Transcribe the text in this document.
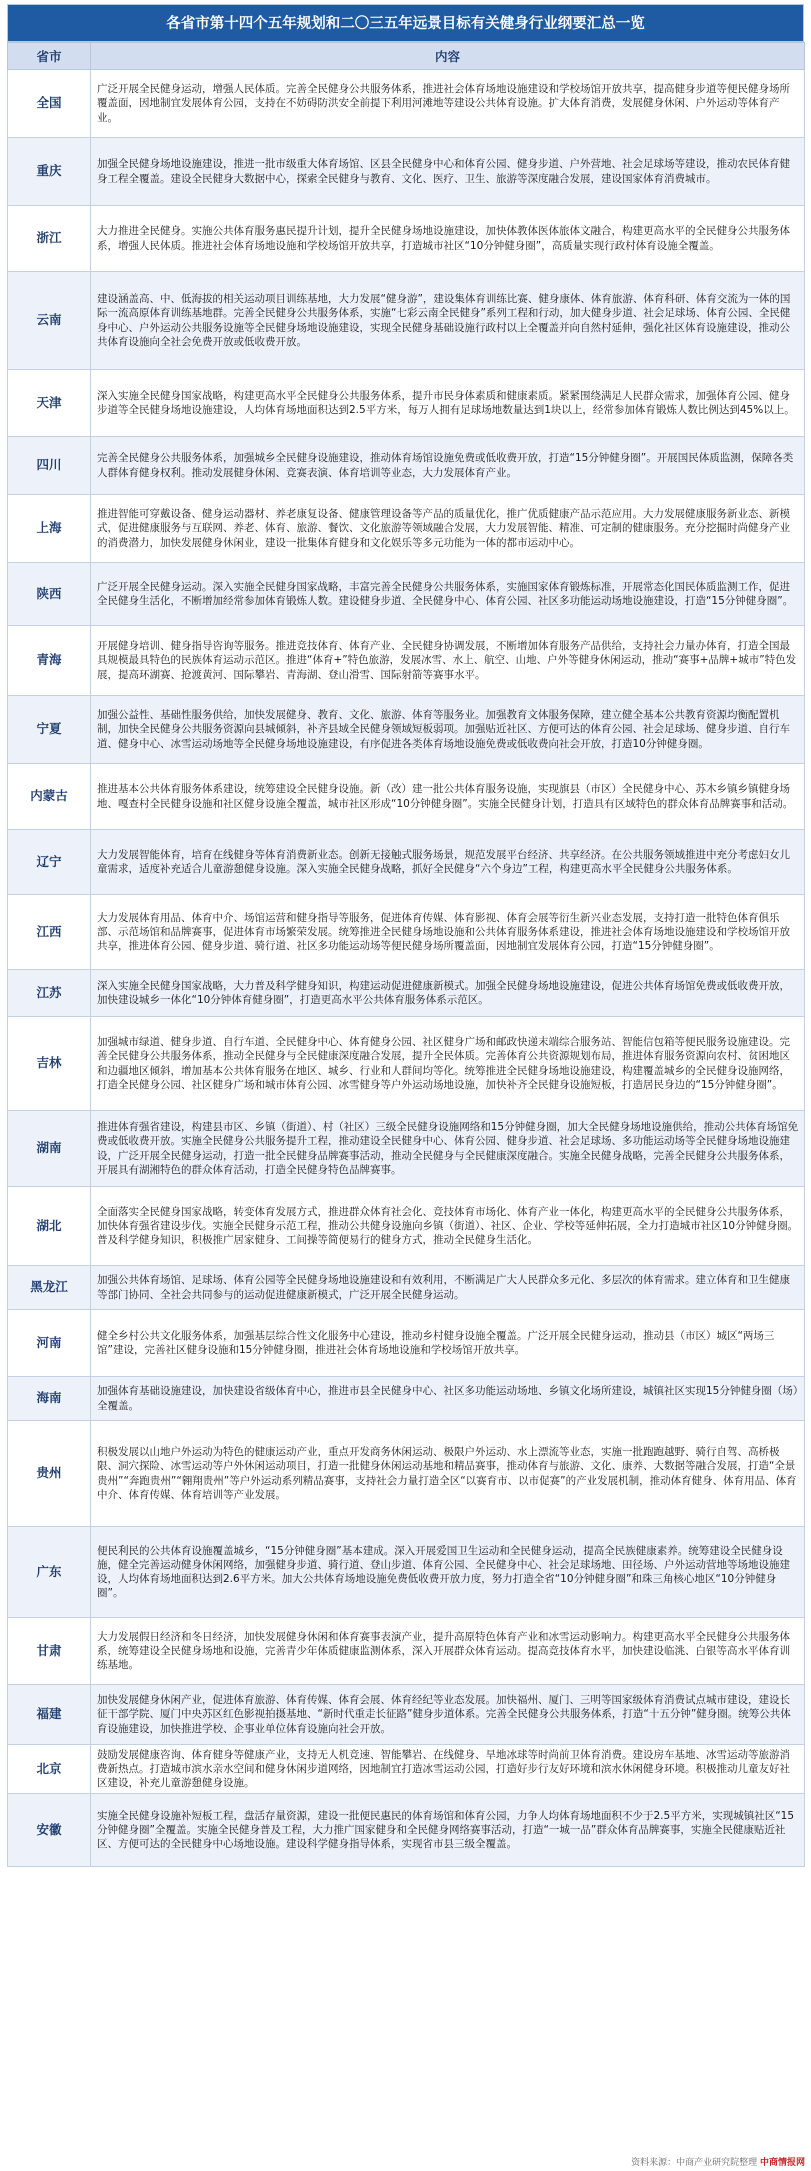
各省市第十四个五年规划和二〇三五年远景目标有关健身行业纲要汇总一览
省市	内容
全国	广泛开展全民健身运动，增强人民体质。完善全民健身公共服务体系，推进社会体育场地设施建设和学校场馆开放共享，提高健身步道等便民健身场所覆盖面，因地制宜发展体育公园，支持在不妨碍防洪安全前提下利用河滩地等建设公共体育设施。扩大体育消费，发展健身休闲、户外运动等体育产业。

重庆	加强全民健身场地设施建设，推进一批市级重大体育场馆、区县全民健身中心和体育公园、健身步道、户外营地、社会足球场等建设，推动农民体育健身工程全覆盖。建设全民健身大数据中心，探索全民健身与教育、文化、医疗、卫生、旅游等深度融合发展，建设国家体育消费城市。

浙江	大力推进全民健身。实施公共体育服务惠民提升计划，提升全民健身场地设施建设，加快体教体医体旅体文融合，构建更高水平的全民健身公共服务体系，增强人民体质。推进社会体育场地设施和学校场馆开放共享，打造城市社区“10分钟健身圈”，高质量实现行政村体育设施全覆盖。

云南	建设涵盖高、中、低海拔的相关运动项目训练基地，大力发展“健身游”，建设集体育训练比赛、健身康体、体育旅游、体育科研、体育交流为一体的国际一流高原体育训练基地群。完善全民健身公共服务体系，实施“七彩云南全民健身”系列工程和行动，加大健身步道、社会足球场、体育公园、全民健身中心、户外运动公共服务设施等全民健身场地设施建设，实现全民健身基础设施行政村以上全覆盖并向自然村延伸，强化社区体育设施建设，推动公共体育设施向全社会免费开放或低收费开放。

天津	深入实施全民健身国家战略，构建更高水平全民健身公共服务体系，提升市民身体素质和健康素质。紧紧围绕满足人民群众需求，加强体育公园、健身步道等全民健身场地设施建设，人均体育场地面积达到2.5平方米，每万人拥有足球场地数量达到1块以上，经常参加体育锻炼人数比例达到45%以上。

四川	完善全民健身公共服务体系，加强城乡全民健身设施建设，推动体育场馆设施免费或低收费开放，打造“15分钟健身圈”。开展国民体质监测，保障各类人群体育健身权利。推动发展健身休闲、竞赛表演、体育培训等业态，大力发展体育产业。

上海	推进智能可穿戴设备、健身运动器材、养老康复设备、健康管理设备等产品的质量优化，推广优质健康产品示范应用。大力发展健康服务新业态、新模式，促进健康服务与互联网、养老、体育、旅游、餐饮、文化旅游等领域融合发展，大力发展智能、精准、可定制的健康服务。充分挖掘时尚健身产业的消费潜力，加快发展健身休闲业，建设一批集体育健身和文化娱乐等多元功能为一体的都市运动中心。

陕西	广泛开展全民健身运动。深入实施全民健身国家战略，丰富完善全民健身公共服务体系，实施国家体育锻炼标准，开展常态化国民体质监测工作，促进全民健身生活化，不断增加经常参加体育锻炼人数。建设健身步道、全民健身中心、体育公园、社区多功能运动场地设施建设，打造“15分钟健身圈”。

青海	开展健身培训、健身指导咨询等服务。推进竞技体育、体育产业、全民健身协调发展，不断增加体育服务产品供给，支持社会力量办体育，打造全国最具规模最具特色的民族体育运动示范区。推进“体育+”特色旅游，发展冰雪、水上、航空、山地、户外等健身休闲运动，推动“赛事+品牌+城市”特色发展，提高环湖赛、抢渡黄河、国际攀岩、青海湖、登山滑雪、国际射箭等赛事水平。

宁夏	加强公益性、基础性服务供给，加快发展健身、教育、文化、旅游、体育等服务业。加强教育文体服务保障，建立健全基本公共教育资源均衡配置机制，加快全民健身公共服务资源向县城倾斜，补齐县域全民健身领域短板弱项。加强贴近社区、方便可达的体育公园、社会足球场、健身步道、自行车道、健身中心、冰雪运动场地等全民健身场地设施建设，有序促进各类体育场地设施免费或低收费向社会开放，打造10分钟健身圈。

内蒙古	推进基本公共体育服务体系建设，统筹建设全民健身设施。新（改）建一批公共体育服务设施，实现旗县（市区）全民健身中心、苏木乡镇乡镇健身场地、嘎查村全民健身设施和社区健身设施全覆盖，城市社区形成“10分钟健身圈”。实施全民健身计划，打造具有区域特色的群众体育品牌赛事和活动。

辽宁	大力发展智能体育，培育在线健身等体育消费新业态。创新无接触式服务场景，规范发展平台经济、共享经济。在公共服务领域推进中充分考虑妇女儿童需求，适度补充适合儿童游憩健身设施。深入实施全民健身战略，抓好全民健身“六个身边”工程，构建更高水平全民健身公共服务体系。

江西	大力发展体育用品、体育中介、场馆运营和健身指导等服务，促进体育传媒、体育影视、体育会展等衍生新兴业态发展，支持打造一批特色体育俱乐部、示范场馆和品牌赛事，促进体育市场繁荣发展。统筹推进全民健身场地设施和公共体育服务体系建设，推进社会体育场地设施建设和学校场馆开放共享，推进体育公园、健身步道、骑行道、社区多功能运动场等便民健身场所覆盖面，因地制宜发展体育公园，打造“15分钟健身圈”。

江苏	深入实施全民健身国家战略，大力普及科学健身知识，构建运动促进健康新模式。加强全民健身场地设施建设，促进公共体育场馆免费或低收费开放，加快建设城乡一体化“10分钟体育健身圈”，打造更高水平公共体育服务体系示范区。

吉林	加强城市绿道、健身步道、自行车道、全民健身中心、体育健身公园、社区健身广场和邮政快递末端综合服务站、智能信包箱等便民服务设施建设。完善全民健身公共服务体系，推动全民健身与全民健康深度融合发展，提升全民体质。完善体育公共资源规划布局，推进体育服务资源向农村、贫困地区和边疆地区倾斜，增加基本公共体育服务在地区、城乡、行业和人群间均等化。统筹推进全民健身场地设施建设，构建覆盖城乡的全民健身设施网络，打造全民健身公园、社区健身广场和城市体育公园、冰雪健身等户外运动场地设施，加快补齐全民健身设施短板，打造居民身边的“15分钟健身圈”。

湖南	推进体育强省建设，构建县市区、乡镇（街道）、村（社区）三级全民健身设施网络和15分钟健身圈，加大全民健身场地设施供给，推动公共体育场馆免费或低收费开放。实施全民健身公共服务提升工程，推动建设全民健身中心、体育公园、健身步道、社会足球场、多功能运动场等全民健身场地设施建设，广泛开展全民健身运动，打造一批全民健身品牌赛事活动，推动全民健身与全民健康深度融合。实施全民健身战略，完善全民健身公共服务体系，开展具有湖湘特色的群众体育活动，打造全民健身特色品牌赛事。

湖北	全面落实全民健身国家战略，转变体育发展方式，推进群众体育社会化、竞技体育市场化、体育产业一体化，构建更高水平的全民健身公共服务体系，加快体育强省建设步伐。实施全民健身示范工程，推动公共健身设施向乡镇（街道）、社区、企业、学校等延伸拓展，全力打造城市社区10分钟健身圈。普及科学健身知识，积极推广居家健身、工间操等简便易行的健身方式，推动全民健身生活化。

黑龙江	加强公共体育场馆、足球场、体育公园等全民健身场地设施建设和有效利用，不断满足广大人民群众多元化、多层次的体育需求。建立体育和卫生健康等部门协同、全社会共同参与的运动促进健康新模式，广泛开展全民健身运动。

河南	健全乡村公共文化服务体系，加强基层综合性文化服务中心建设，推动乡村健身设施全覆盖。广泛开展全民健身运动，推动县（市区）城区“两场三馆”建设，完善社区健身设施和15分钟健身圈，推进社会体育场地设施和学校场馆开放共享。

海南	加强体育基础设施建设，加快建设省级体育中心，推进市县全民健身中心、社区多功能运动场地、乡镇文化场所建设，城镇社区实现15分钟健身圈（场）全覆盖。

贵州	积极发展以山地户外运动为特色的健康运动产业，重点开发商务休闲运动、极限户外运动、水上漂流等业态，实施一批跑跑越野、骑行自驾、高桥极限、洞穴探险、冰雪运动等户外休闲运动项目，打造一批健身休闲运动基地和精品赛事，推动体育与旅游、文化、康养、大数据等融合发展，打造“全景贵州”“奔跑贵州”“翱翔贵州”等户外运动系列精品赛事，支持社会力量打造全区“以赛育市、以市促赛”的产业发展机制，推动体育健身、体育用品、体育中介、体育传媒、体育培训等产业发展。

广东	便民利民的公共体育设施覆盖城乡，“15分钟健身圈”基本建成。深入开展爱国卫生运动和全民健身运动，提高全民族健康素养。统筹建设全民健身设施，健全完善运动健身休闲网络，加强健身步道、骑行道、登山步道、体育公园、全民健身中心、社会足球场地、田径场、户外运动营地等场地设施建设，人均体育场地面积达到2.6平方米。加大公共体育场地设施免费低收费开放力度，努力打造全省“10分钟健身圈”和珠三角核心地区“10分钟健身圈”。

甘肃	大力发展假日经济和冬日经济，加快发展健身休闲和体育赛事表演产业，提升高原特色体育产业和冰雪运动影响力。构建更高水平全民健身公共服务体系，统筹建设全民健身场地和设施，完善青少年体质健康监测体系，深入开展群众体育运动。提高竞技体育水平，加快建设临洮、白银等高水平体育训练基地。

福建	加快发展健身休闲产业，促进体育旅游、体育传媒、体育会展、体育经纪等业态发展。加快福州、厦门、三明等国家级体育消费试点城市建设，建设长征干部学院、厦门中央苏区红色影视拍摄基地、“新时代重走长征路”健身步道体系。完善全民健身公共服务体系，打造“十五分钟”健身圈。统筹公共体育设施建设，加快推进学校、企事业单位体育设施向社会开放。

北京	鼓励发展健康咨询、体育健身等健康产业，支持无人机竞速、智能攀岩、在线健身、旱地冰球等时尚前卫体育消费。建设房车基地、冰雪运动等旅游消费新热点。打造城市滨水亲水空间和健身休闲步道网络，因地制宜打造冰雪运动公园，打造好步行友好环境和滨水休闲健身环境。积极推动儿童友好社区建设，补充儿童游憩健身设施。

安徽	实施全民健身设施补短板工程，盘活存量资源，建设一批便民惠民的体育场馆和体育公园，力争人均体育场地面积不少于2.5平方米，实现城镇社区“15分钟健身圈”全覆盖。实施全民健身普及工程，大力推广国家健身和全民健身网络赛事活动，打造“一城一品”群众体育品牌赛事，实施全民健康贴近社区、方便可达的全民健身中心场地设施。建设科学健身指导体系，实现省市县三级全覆盖。
资料来源：中商产业研究院整理 中商情报网
